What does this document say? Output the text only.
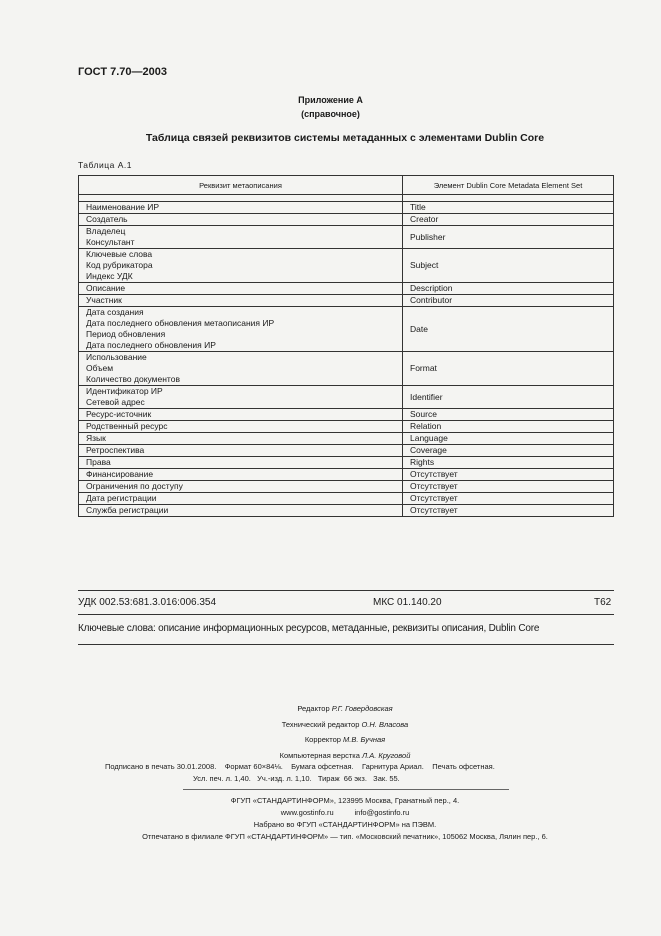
ГОСТ 7.70—2003
Приложение А
(справочное)
Таблица связей реквизитов системы метаданных с элементами Dublin Core
Таблица А.1
Реквизит метаописания	Элемент Dublin Core Metadata Element Set

Наименование ИР	Title

Создатель	Creator

Владелец
Консультант	Publisher

Ключевые слова
Код рубрикатора
Индекс УДК	Subject

Описание	Description

Участник	Contributor

Дата создания
Дата последнего обновления метаописания ИР
Период обновления
Дата последнего обновления ИР	Date

Использование
Объем
Количество документов	Format

Идентификатор ИР
Сетевой адрес	Identifier

Ресурс-источник	Source

Родственный ресурс	Relation

Язык	Language

Ретроспектива	Coverage

Права	Rights

Финансирование	Отсутствует

Ограничения по доступу	Отсутствует

Дата регистрации	Отсутствует

Служба регистрации	Отсутствует
УДК 002.53:681.3.016:006.354	МКС 01.140.20	Т62
Ключевые слова: описание информационных ресурсов, метаданные, реквизиты описания, Dublin Core
Редактор Р.Г. Говердовская
Технический редактор О.Н. Власова
Корректор М.В. Бучная
Компьютерная верстка Л.А. Круговой
Подписано в печать 30.01.2008.    Формат 60×84⅛.    Бумага офсетная.    Гарнитура Ариал.    Печать офсетная.
Усл. печ. л. 1,40.   Уч.-изд. л. 1,10.   Тираж  66 экз.   Зак. 55.
ФГУП «СТАНДАРТИНФОРМ», 123995 Москва, Гранатный пер., 4.
www.gostinfo.ru          info@gostinfo.ru
Набрано во ФГУП «СТАНДАРТИНФОРМ» на ПЭВМ.
Отпечатано в филиале ФГУП «СТАНДАРТИНФОРМ» — тип. «Московский печатник», 105062 Москва, Лялин пер., 6.
